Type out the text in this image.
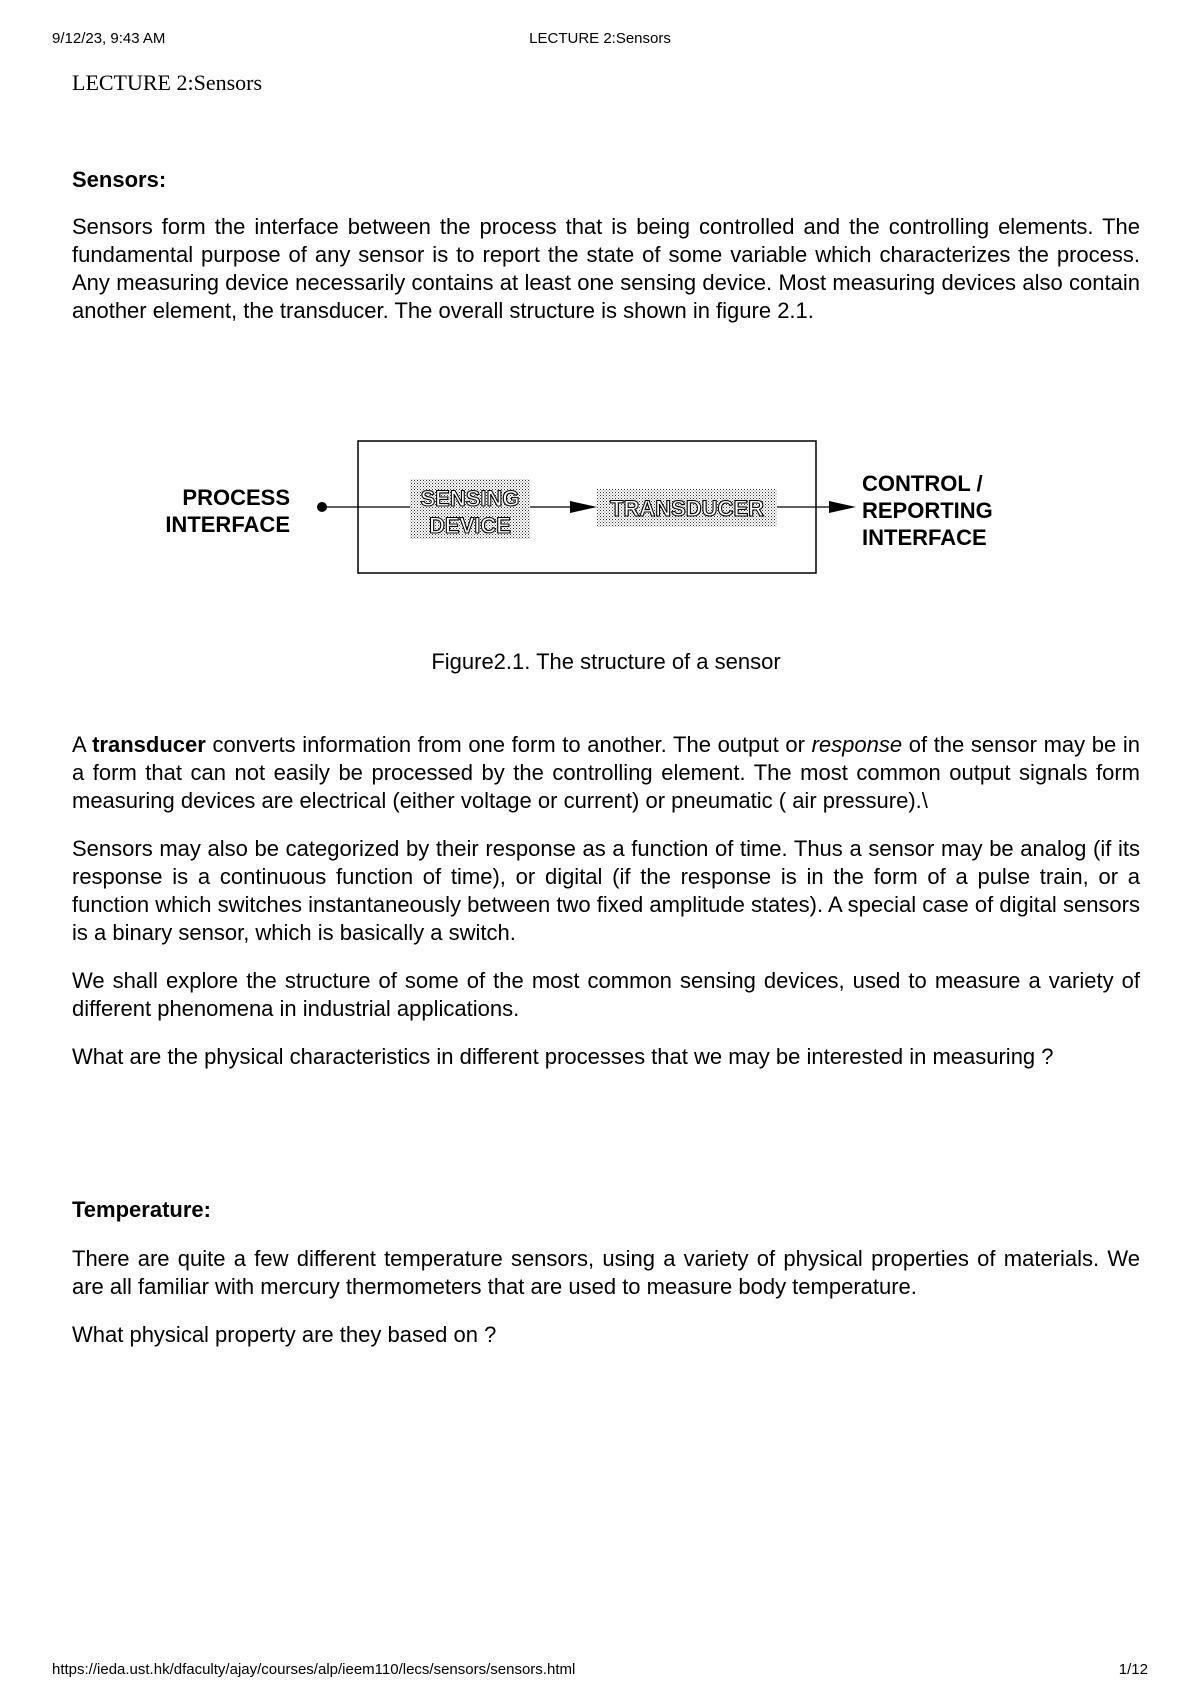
9/12/23, 9:43 AM	LECTURE 2:Sensors
LECTURE 2:Sensors
Sensors:

Sensors form the interface between the process that is being controlled and the controlling elements. The fundamental purpose of any sensor is to report the state of some variable which characterizes the process. Any measuring device necessarily contains at least one sensing device. Most measuring devices also contain another element, the transducer. The overall structure is shown in figure 2.1.

PROCESS
INTERFACE
SENSING
DEVICE
TRANSDUCER
CONTROL /
REPORTING
INTERFACE
Figure2.1. The structure of a sensor

A transducer converts information from one form to another. The output or response of the sensor may be in a form that can not easily be processed by the controlling element. The most common output signals form measuring devices are electrical (either voltage or current) or pneumatic ( air pressure).\

Sensors may also be categorized by their response as a function of time. Thus a sensor may be analog (if its response is a continuous function of time), or digital (if the response is in the form of a pulse train, or a function which switches instantaneously between two fixed amplitude states). A special case of digital sensors is a binary sensor, which is basically a switch.

We shall explore the structure of some of the most common sensing devices, used to measure a variety of different phenomena in industrial applications.

What are the physical characteristics in different processes that we may be interested in measuring ?

Temperature:

There are quite a few different temperature sensors, using a variety of physical properties of materials. We are all familiar with mercury thermometers that are used to measure body temperature.

What physical property are they based on ?

https://ieda.ust.hk/dfaculty/ajay/courses/alp/ieem110/lecs/sensors/sensors.html	1/12
